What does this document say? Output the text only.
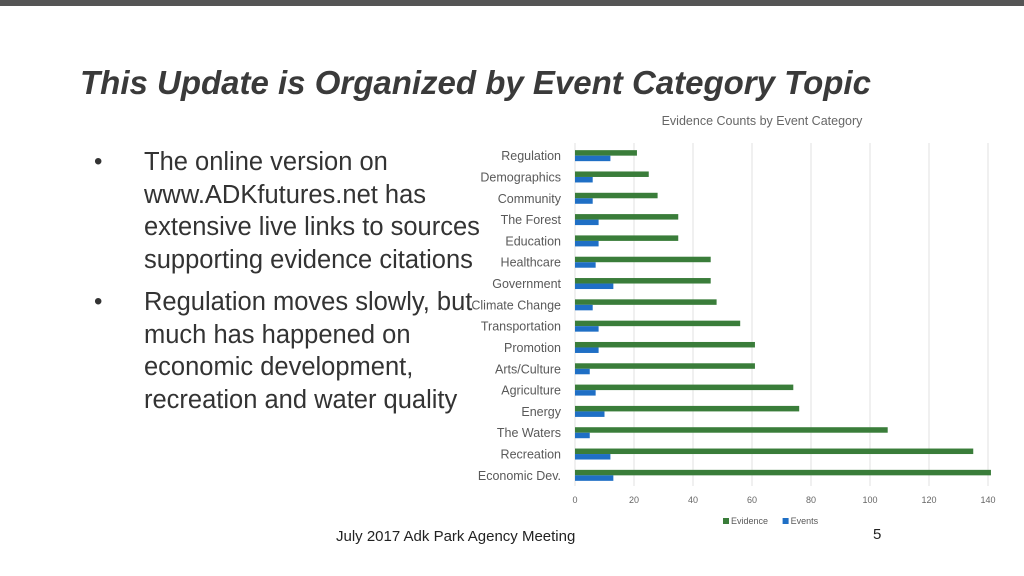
This Update is Organized by Event Category Topic
• The online version on www.ADKfutures.net has extensive live links to sources supporting evidence citations
• Regulation moves slowly, but much has happened on economic development, recreation and water quality
Evidence Counts by Event Category
Regulation
Demographics
Community
The Forest
Education
Healthcare
Government
Climate Change
Transportation
Promotion
Arts/Culture
Agriculture
Energy
The Waters
Recreation
Economic Dev.
0	20	40	60	80	100	120	140
Evidence	Events
July 2017 Adk Park Agency Meeting	5
